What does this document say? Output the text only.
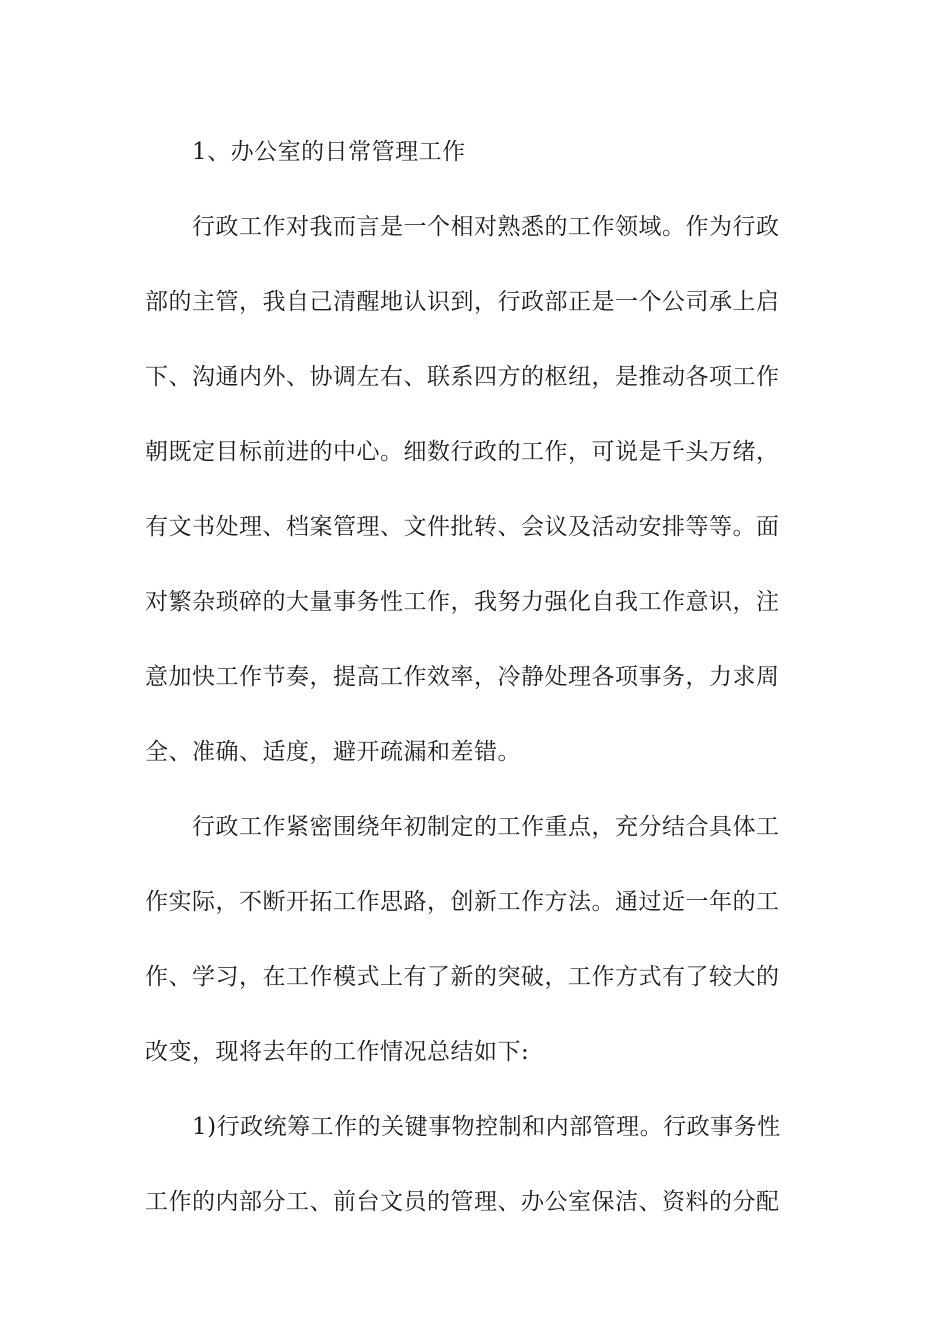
1、办公室的日常管理工作
行政工作对我而言是一个相对熟悉的工作领域。作为行政
部的主管，我自己清醒地认识到，行政部正是一个公司承上启
下、沟通内外、协调左右、联系四方的枢纽，是推动各项工作
朝既定目标前进的中心。细数行政的工作，可说是千头万绪，
有文书处理、档案管理、文件批转、会议及活动安排等等。面
对繁杂琐碎的大量事务性工作，我努力强化自我工作意识，注
意加快工作节奏，提高工作效率，冷静处理各项事务，力求周
全、准确、适度，避开疏漏和差错。
行政工作紧密围绕年初制定的工作重点，充分结合具体工
作实际，不断开拓工作思路，创新工作方法。通过近一年的工
作、学习，在工作模式上有了新的突破，工作方式有了较大的
改变，现将去年的工作情况总结如下:
1)行政统筹工作的关键事物控制和内部管理。行政事务性
工作的内部分工、前台文员的管理、办公室保洁、资料的分配
